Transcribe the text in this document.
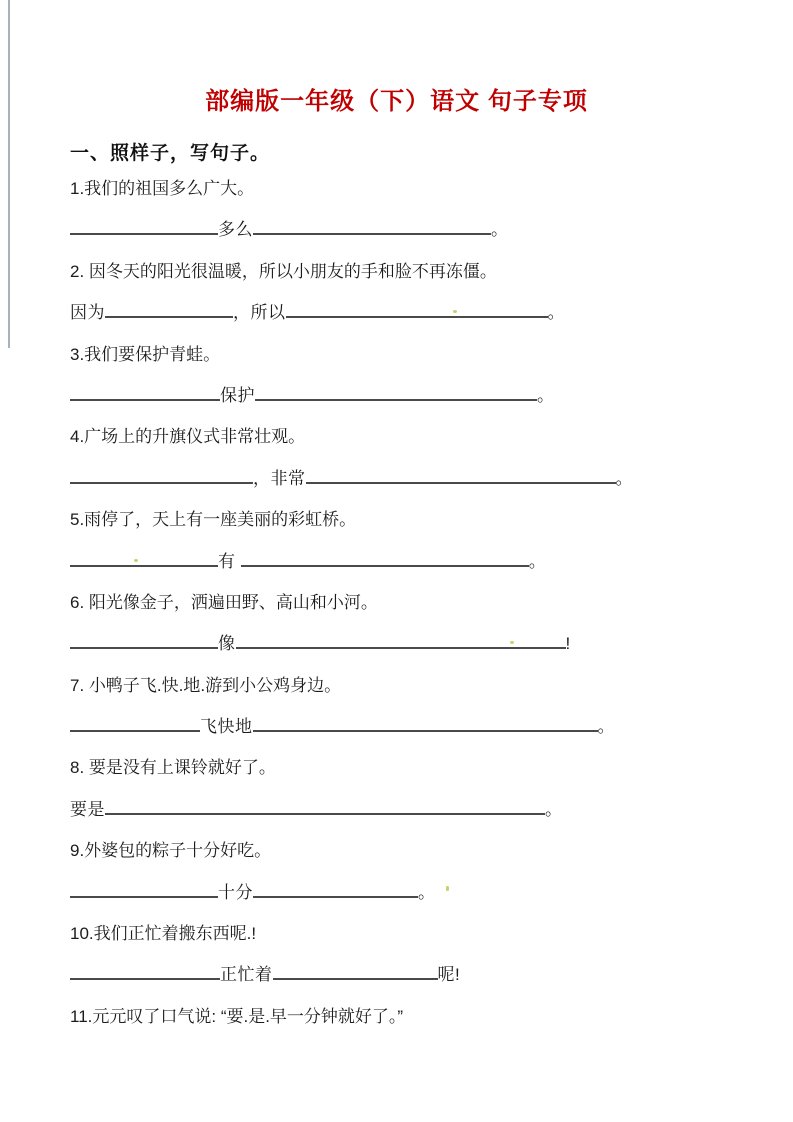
部编版一年级（下）语文 句子专项
一、照样子，写句子。
1.我们的祖国多么广大。
多么	。
2. 因冬天的阳光很温暖，所以小朋友的手和脸不再冻僵。
因为	，所以	。
3.我们要保护青蛙。
保护	。
4.广场上的升旗仪式非常壮观。
，非常	。
5.雨停了，天上有一座美丽的彩虹桥。
有	。
6. 阳光像金子，洒遍田野、高山和小河。
像	!
7. 小鸭子飞.快.地.游到小公鸡身边。
飞快地	。
8. 要是没有上课铃就好了。
要是	。
9.外婆包的粽子十分好吃。
十分	。
10.我们正忙着搬东西呢.!
正忙着	呢!
11.元元叹了口气说: “要.是.早一分钟就好了。”
